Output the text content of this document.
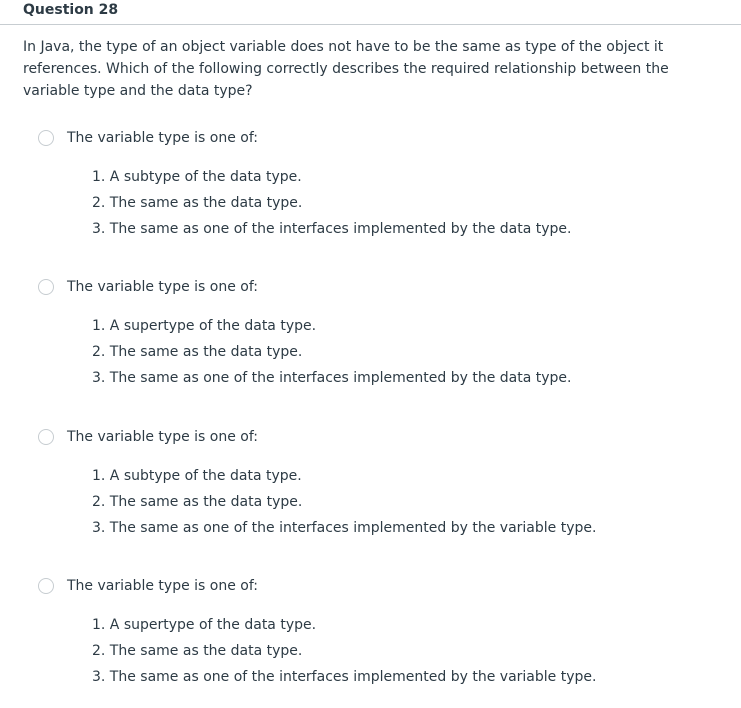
Question 28
In Java, the type of an object variable does not have to be the same as type of the object it references. Which of the following correctly describes the required relationship between the variable type and the data type?
The variable type is one of:
1. A subtype of the data type.
2. The same as the data type.
3. The same as one of the interfaces implemented by the data type.
The variable type is one of:
1. A supertype of the data type.
2. The same as the data type.
3. The same as one of the interfaces implemented by the data type.
The variable type is one of:
1. A subtype of the data type.
2. The same as the data type.
3. The same as one of the interfaces implemented by the variable type.
The variable type is one of:
1. A supertype of the data type.
2. The same as the data type.
3. The same as one of the interfaces implemented by the variable type.
